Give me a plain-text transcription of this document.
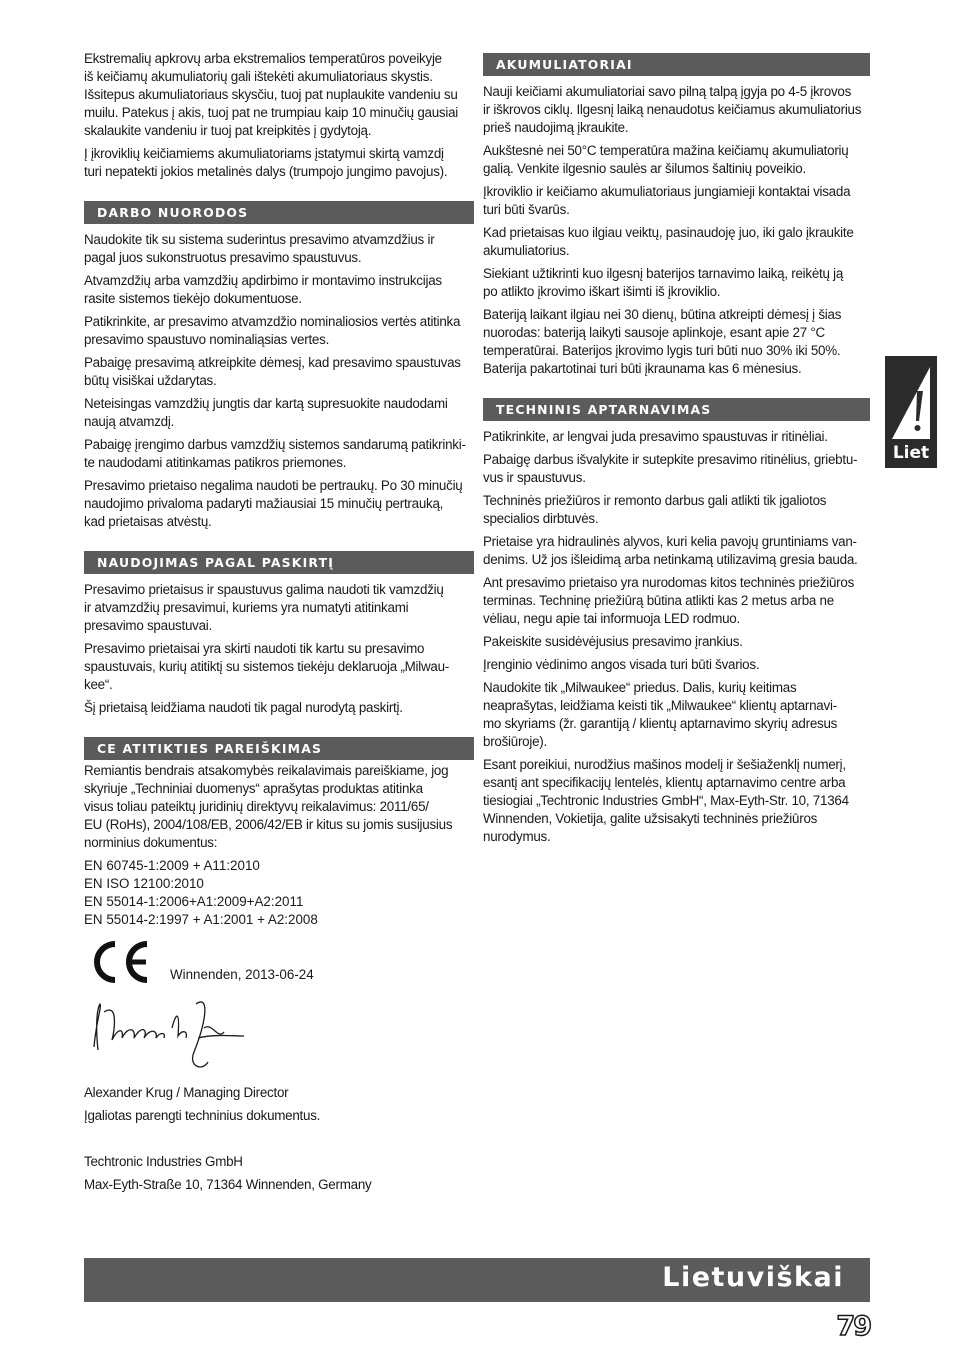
Ekstremalių apkrovų arba ekstremalios temperatūros poveikyje
iš keičiamų akumuliatorių gali ištekėti akumuliatoriaus skystis.
Išsitepus akumuliatoriaus skysčiu, tuoj pat nuplaukite vandeniu su
muilu. Patekus į akis, tuoj pat ne trumpiau kaip 10 minučių gausiai
skalaukite vandeniu ir tuoj pat kreipkitės į gydytoją.

Į įkroviklių keičiamiems akumuliatoriams įstatymui skirtą vamzdį
turi nepatekti jokios metalinės dalys (trumpojo jungimo pavojus).

DARBO NUORODOS

Naudokite tik su sistema suderintus presavimo atvamzdžius ir
pagal juos sukonstruotus presavimo spaustuvus.

Atvamzdžių arba vamzdžių apdirbimo ir montavimo instrukcijas
rasite sistemos tiekėjo dokumentuose.

Patikrinkite, ar presavimo atvamzdžio nominaliosios vertės atitinka
presavimo spaustuvo nominaliąsias vertes.

Pabaigę presavimą atkreipkite dėmesį, kad presavimo spaustuvas
būtų visiškai uždarytas.

Neteisingas vamzdžių jungtis dar kartą supresuokite naudodami
naują atvamzdį.

Pabaigę įrengimo darbus vamzdžių sistemos sandarumą patikrinki-
te naudodami atitinkamas patikros priemones.

Presavimo prietaiso negalima naudoti be pertraukų. Po 30 minučių
naudojimo privaloma padaryti mažiausiai 15 minučių pertrauką,
kad prietaisas atvėstų.

NAUDOJIMAS PAGAL PASKIRTĮ

Presavimo prietaisus ir spaustuvus galima naudoti tik vamzdžių
ir atvamzdžių presavimui, kuriems yra numatyti atitinkami
presavimo spaustuvai.

Presavimo prietaisai yra skirti naudoti tik kartu su presavimo
spaustuvais, kurių atitiktį su sistemos tiekėju deklaruoja „Milwau-
kee“.

Šį prietaisą leidžiama naudoti tik pagal nurodytą paskirtį.

CE ATITIKTIES PAREIŠKIMAS

Remiantis bendrais atsakomybės reikalavimais pareiškiame, jog
skyriuje „Techniniai duomenys“ aprašytas produktas atitinka
visus toliau pateiktų juridinių direktyvų reikalavimus: 2011/65/
EU (RoHs), 2004/108/EB, 2006/42/EB ir kitus su jomis susijusius
norminius dokumentus:

EN 60745-1:2009 + A11:2010
EN ISO 12100:2010
EN 55014-1:2006+A1:2009+A2:2011
EN 55014-2:1997 + A1:2001 + A2:2008
Winnenden, 2013-06-24

Alexander Krug / Managing Director

Įgaliotas parengti techninius dokumentus.

Techtronic Industries GmbH

Max-Eyth-Straße 10, 71364 Winnenden, Germany

AKUMULIATORIAI

Nauji keičiami akumuliatoriai savo pilną talpą įgyja po 4-5 įkrovos
ir iškrovos ciklų. Ilgesnį laiką nenaudotus keičiamus akumuliatorius
prieš naudojimą įkraukite.

Aukštesnė nei 50°C temperatūra mažina keičiamų akumuliatorių
galią. Venkite ilgesnio saulės ar šilumos šaltinių poveikio.

Įkroviklio ir keičiamo akumuliatoriaus jungiamieji kontaktai visada
turi būti švarūs.

Kad prietaisas kuo ilgiau veiktų, pasinaudoję juo, iki galo įkraukite
akumuliatorius.

Siekiant užtikrinti kuo ilgesnį baterijos tarnavimo laiką, reikėtų ją
po atlikto įkrovimo iškart išimti iš įkroviklio.

Bateriją laikant ilgiau nei 30 dienų, būtina atkreipti dėmesį į šias
nuorodas: bateriją laikyti sausoje aplinkoje, esant apie 27 °C
temperatūrai. Baterijos įkrovimo lygis turi būti nuo 30% iki 50%.
Baterija pakartotinai turi būti įkraunama kas 6 mėnesius.

TECHNINIS APTARNAVIMAS

Patikrinkite, ar lengvai juda presavimo spaustuvas ir ritinėliai.

Pabaigę darbus išvalykite ir sutepkite presavimo ritinėlius, griebtu-
vus ir spaustuvus.

Techninės priežiūros ir remonto darbus gali atlikti tik įgaliotos
specialios dirbtuvės.

Prietaise yra hidraulinės alyvos, kuri kelia pavojų gruntiniams van-
denims. Už jos išleidimą arba netinkamą utilizavimą gresia bauda.

Ant presavimo prietaiso yra nurodomas kitos techninės priežiūros
terminas. Techninę priežiūrą būtina atlikti kas 2 metus arba ne
vėliau, negu apie tai informuoja LED rodmuo.

Pakeiskite susidėvėjusius presavimo įrankius.

Įrenginio vėdinimo angos visada turi būti švarios.

Naudokite tik „Milwaukee“ priedus. Dalis, kurių keitimas
neaprašytas, leidžiama keisti tik „Milwaukee“ klientų aptarnavi-
mo skyriams (žr. garantiją / klientų aptarnavimo skyrių adresus
brošiūroje).

Esant poreikiui, nurodžius mašinos modelį ir šešiaženklį numerį,
esantį ant specifikacijų lentelės, klientų aptarnavimo centre arba
tiesiogiai „Techtronic Industries GmbH“, Max-Eyth-Str. 10, 71364
Winnenden, Vokietija, galite užsisakyti techninės priežiūros
nurodymus.

Liet
Lietuviškai
79
